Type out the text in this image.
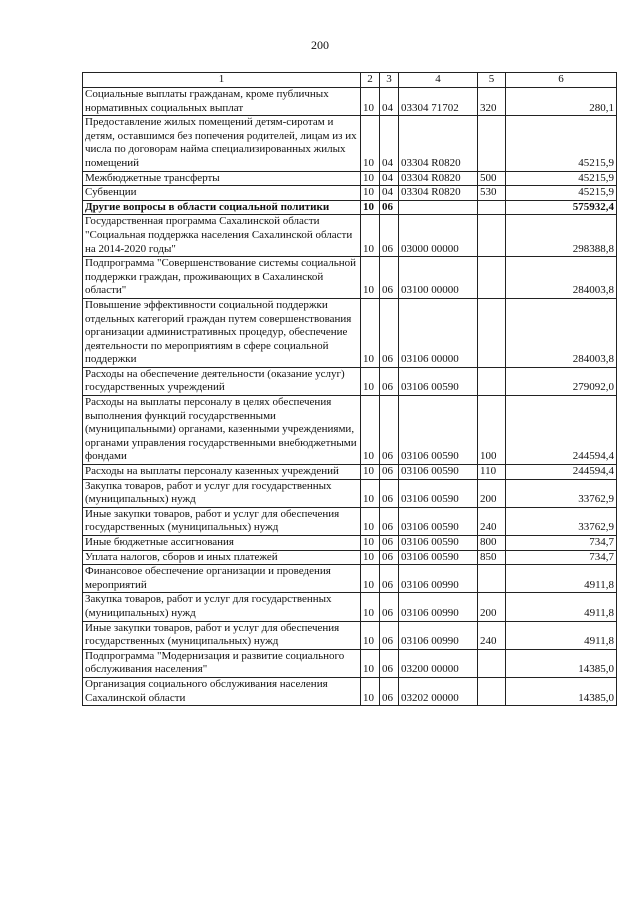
200
1	2	3	4	5	6
Социальные выплаты гражданам, кроме публичных нормативных социальных выплат	10	04	03304 71702	320	280,1
Предоставление жилых помещений детям-сиротам и детям, оставшимся без попечения родителей, лицам из их числа по договорам найма специализированных жилых помещений	10	04	03304 R0820		45215,9
Межбюджетные трансферты	10	04	03304 R0820	500	45215,9
Субвенции	10	04	03304 R0820	530	45215,9
Другие вопросы в области социальной политики	10	06			575932,4
Государственная программа Сахалинской области "Социальная поддержка населения Сахалинской области на 2014-2020 годы"	10	06	03000 00000		298388,8
Подпрограмма "Совершенствование системы социальной поддержки граждан, проживающих в Сахалинской области"	10	06	03100 00000		284003,8
Повышение эффективности социальной поддержки отдельных категорий граждан путем совершенствования организации административных процедур, обеспечение деятельности по мероприятиям в сфере социальной поддержки	10	06	03106 00000		284003,8
Расходы на обеспечение деятельности (оказание услуг) государственных учреждений	10	06	03106 00590		279092,0
Расходы на выплаты персоналу в целях обеспечения выполнения функций государственными (муниципальными) органами, казенными учреждениями, органами управления государственными внебюджетными фондами	10	06	03106 00590	100	244594,4
Расходы на выплаты персоналу казенных учреждений	10	06	03106 00590	110	244594,4
Закупка товаров, работ и услуг для государственных (муниципальных) нужд	10	06	03106 00590	200	33762,9
Иные закупки товаров, работ и услуг для обеспечения государственных (муниципальных) нужд	10	06	03106 00590	240	33762,9
Иные бюджетные ассигнования	10	06	03106 00590	800	734,7
Уплата налогов, сборов и иных платежей	10	06	03106 00590	850	734,7
Финансовое обеспечение организации и проведения мероприятий	10	06	03106 00990		4911,8
Закупка товаров, работ и услуг для государственных (муниципальных) нужд	10	06	03106 00990	200	4911,8
Иные закупки товаров, работ и услуг для обеспечения государственных (муниципальных) нужд	10	06	03106 00990	240	4911,8
Подпрограмма "Модернизация и развитие социального обслуживания населения"	10	06	03200 00000		14385,0
Организация социального обслуживания населения Сахалинской области	10	06	03202 00000		14385,0
